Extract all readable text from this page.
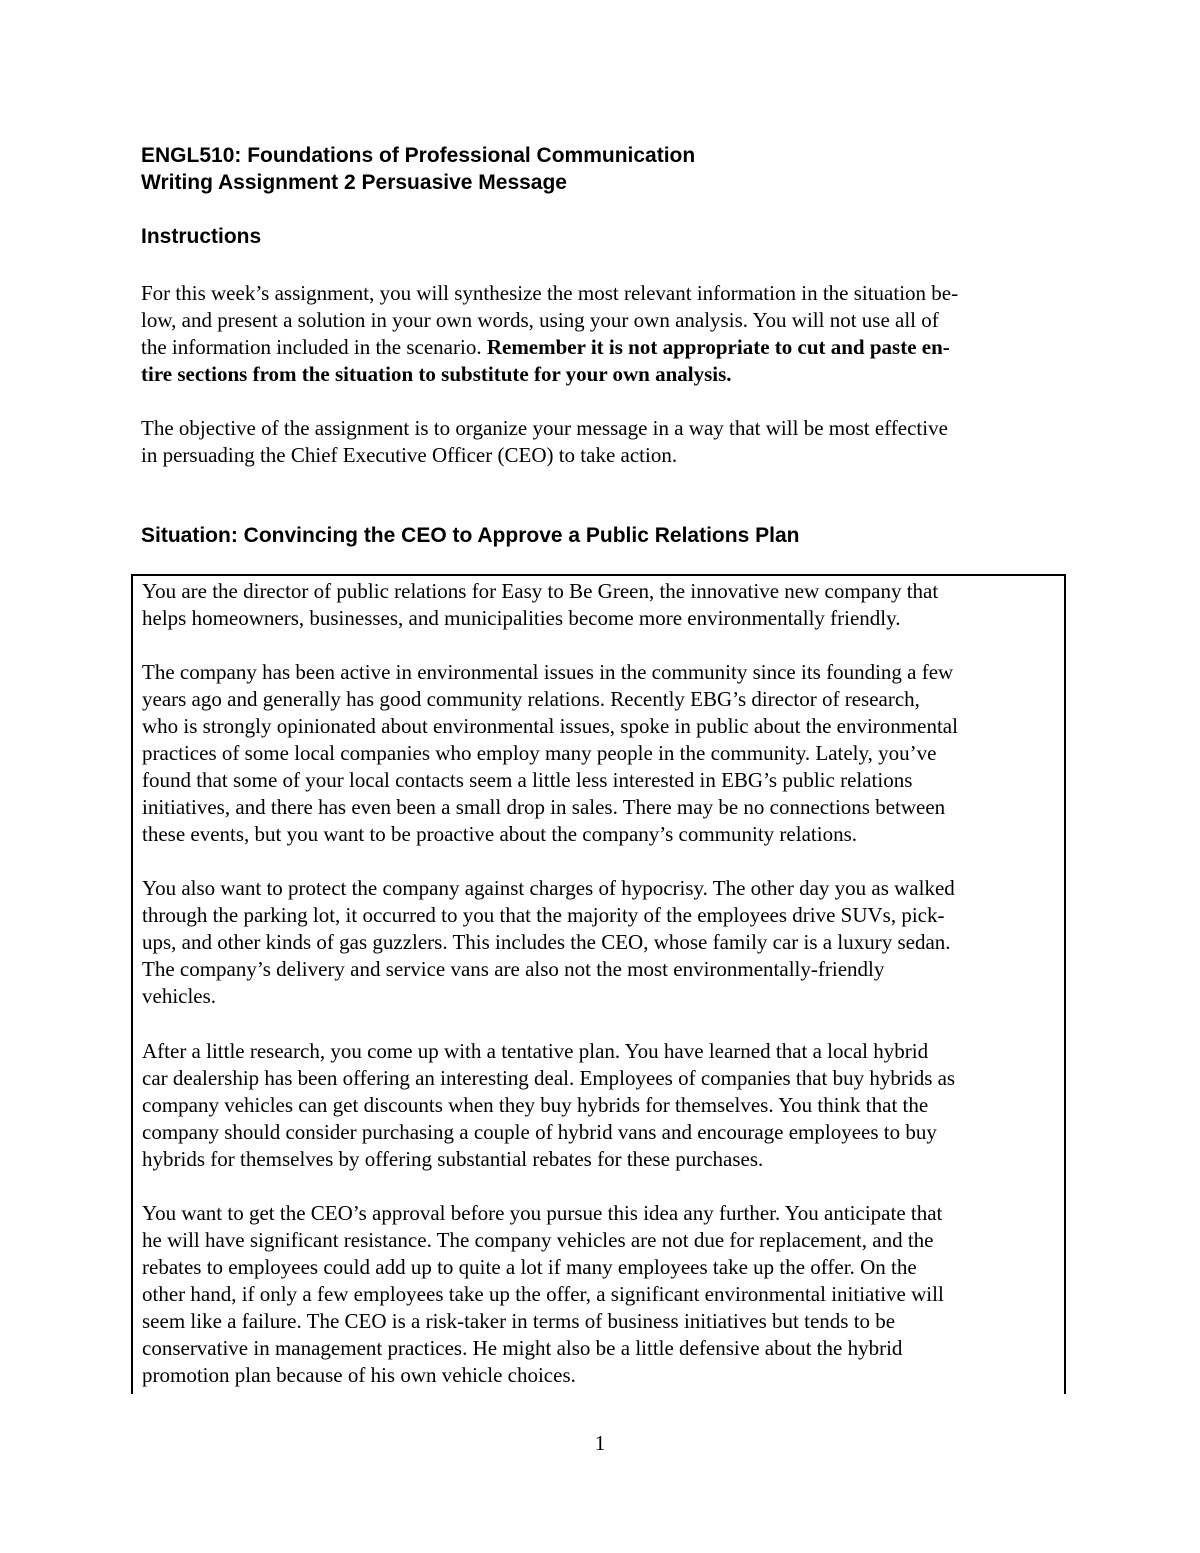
ENGL510: Foundations of Professional Communication
Writing Assignment 2 Persuasive Message
Instructions

For this week’s assignment, you will synthesize the most relevant information in the situation be-
low, and present a solution in your own words, using your own analysis. You will not use all of
the information included in the scenario. Remember it is not appropriate to cut and paste en-
tire sections from the situation to substitute for your own analysis.

The objective of the assignment is to organize your message in a way that will be most effective
in persuading the Chief Executive Officer (CEO) to take action.

Situation: Convincing the CEO to Approve a Public Relations Plan

You are the director of public relations for Easy to Be Green, the innovative new company that
helps homeowners, businesses, and municipalities become more environmentally friendly.

The company has been active in environmental issues in the community since its founding a few
years ago and generally has good community relations. Recently EBG’s director of research,
who is strongly opinionated about environmental issues, spoke in public about the environmental
practices of some local companies who employ many people in the community. Lately, you’ve
found that some of your local contacts seem a little less interested in EBG’s public relations
initiatives, and there has even been a small drop in sales. There may be no connections between
these events, but you want to be proactive about the company’s community relations.

You also want to protect the company against charges of hypocrisy. The other day you as walked
through the parking lot, it occurred to you that the majority of the employees drive SUVs, pick-
ups, and other kinds of gas guzzlers. This includes the CEO, whose family car is a luxury sedan.
The company’s delivery and service vans are also not the most environmentally-friendly
vehicles.

After a little research, you come up with a tentative plan. You have learned that a local hybrid
car dealership has been offering an interesting deal. Employees of companies that buy hybrids as
company vehicles can get discounts when they buy hybrids for themselves. You think that the
company should consider purchasing a couple of hybrid vans and encourage employees to buy
hybrids for themselves by offering substantial rebates for these purchases.

You want to get the CEO’s approval before you pursue this idea any further. You anticipate that
he will have significant resistance. The company vehicles are not due for replacement, and the
rebates to employees could add up to quite a lot if many employees take up the offer. On the
other hand, if only a few employees take up the offer, a significant environmental initiative will
seem like a failure. The CEO is a risk-taker in terms of business initiatives but tends to be
conservative in management practices. He might also be a little defensive about the hybrid
promotion plan because of his own vehicle choices.

1
